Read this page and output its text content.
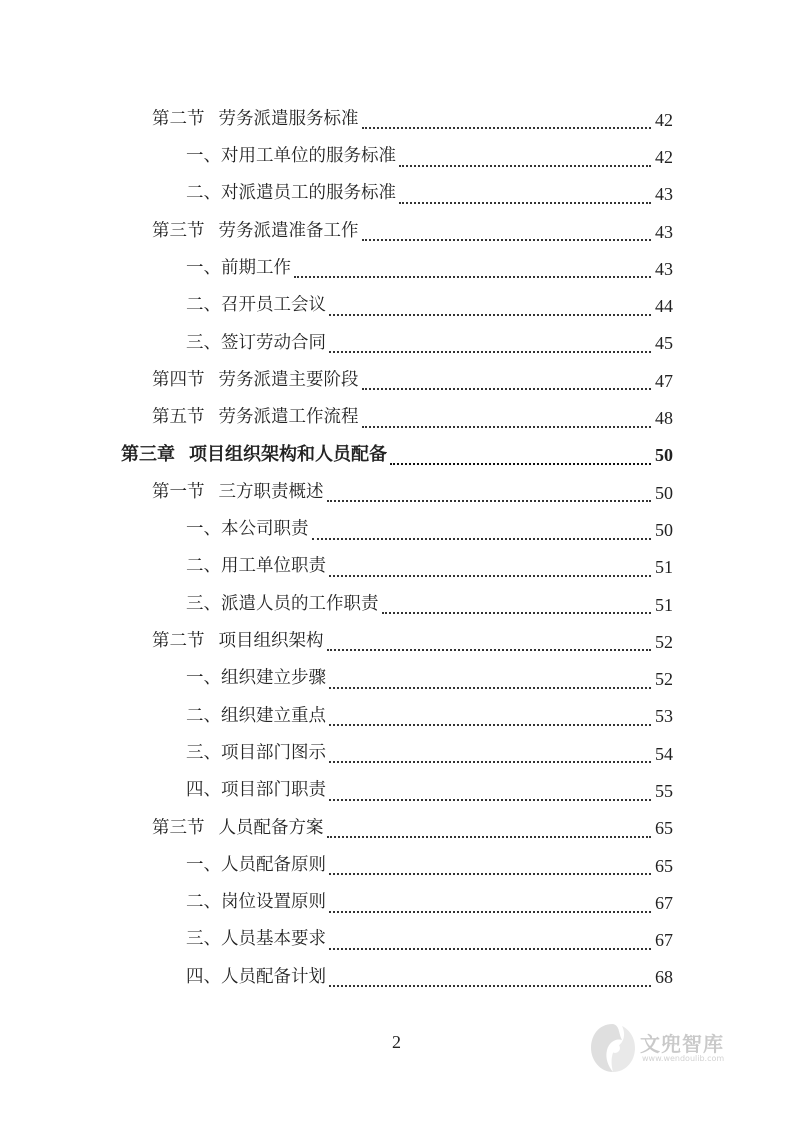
第二节 劳务派遣服务标准	42
一、 对用工单位的服务标准	42
二、 对派遣员工的服务标准	43
第三节 劳务派遣准备工作	43
一、 前期工作	43
二、 召开员工会议	44
三、 签订劳动合同	45
第四节 劳务派遣主要阶段	47
第五节 劳务派遣工作流程	48
第三章 项目组织架构和人员配备	50
第一节 三方职责概述	50
一、 本公司职责	50
二、 用工单位职责	51
三、 派遣人员的工作职责	51
第二节 项目组织架构	52
一、 组织建立步骤	52
二、 组织建立重点	53
三、 项目部门图示	54
四、 项目部门职责	55
第三节 人员配备方案	65
一、 人员配备原则	65
二、 岗位设置原则	67
三、 人员基本要求	67
四、 人员配备计划	68
2	文兜智库
www.wendoulib.com
